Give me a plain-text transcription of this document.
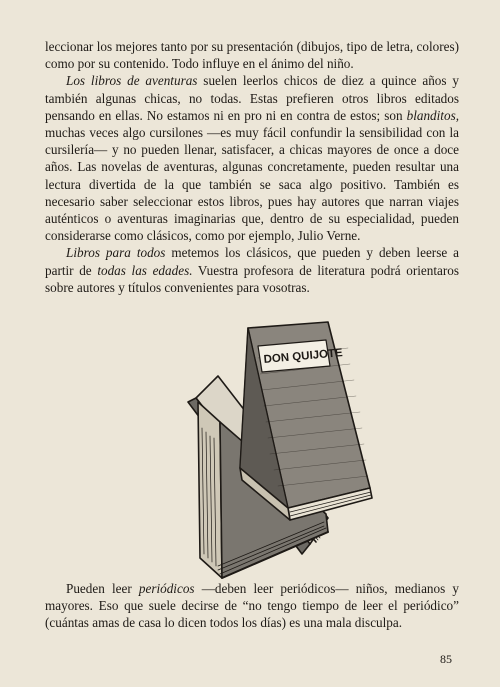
leccionar los mejores tanto por su presentación (dibujos, tipo de letra, colores) como por su contenido. Todo influye en el ánimo del niño.

Los libros de aventuras suelen leerlos chicos de diez a quince años y también algunas chicas, no todas. Estas prefieren otros libros editados pensando en ellas. No estamos ni en pro ni en contra de estos; son blanditos, muchas veces algo cursilones —es muy fácil confundir la sensibilidad con la cursilería— y no pueden llenar, satisfacer, a chicas mayores de once a doce años. Las novelas de aventuras, algunas concretamente, pueden resultar una lectura divertida de la que también se saca algo positivo. También es necesario saber seleccionar estos libros, pues hay autores que narran viajes auténticos o aventuras imaginarias que, dentro de su especialidad, pueden considerarse como clásicos, como por ejemplo, Julio Verne.

Libros para todos metemos los clásicos, que pueden y deben leerse a partir de todas las edades. Vuestra profesora de literatura podrá orientaros sobre autores y títulos convenientes para vosotras.

DON QUIJOTE

Pueden leer periódicos —deben leer periódicos— niños, medianos y mayores. Eso que suele decirse de “no tengo tiempo de leer el periódico” (cuántas amas de casa lo dicen todos los días) es una mala disculpa.

85
